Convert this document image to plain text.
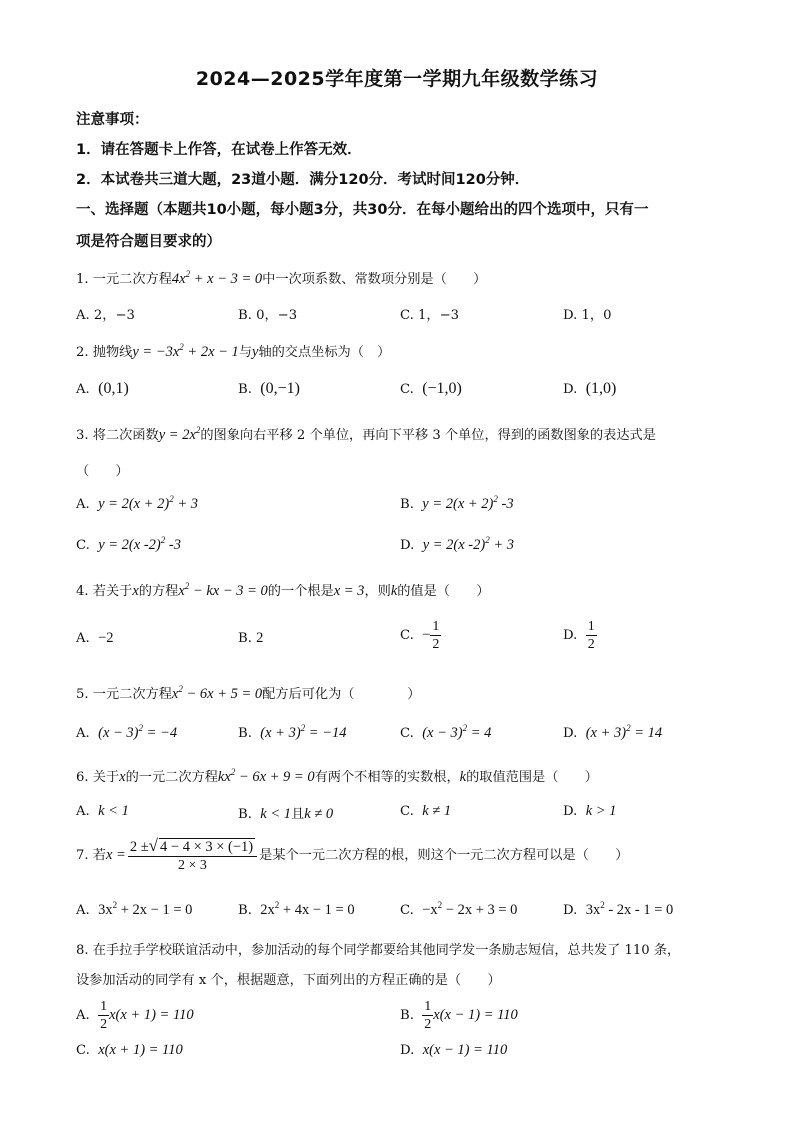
2024—2025学年度第一学期九年级数学练习
注意事项：
1．请在答题卡上作答，在试卷上作答无效．
2．本试卷共三道大题，23道小题．满分120分．考试时间120分钟．
一、选择题（本题共10小题，每小题3分，共30分．在每小题给出的四个选项中，只有一
项是符合题目要求的）
1. 一元二次方程$4x^2 + x - 3 = 0$中一次项系数、常数项分别是（　　）
A. 2，−3	B. 0，−3	C. 1，−3	D. 1，0
2. 抛物线$y = -3x^2 + 2x - 1$与y轴的交点坐标为（　）
A. (0,1)	B. (0,−1)	C. (−1,0)	D. (1,0)
3. 将二次函数$y = 2x^2$的图象向右平移 2 个单位，再向下平移 3 个单位，得到的函数图象的表达式是
（　　）
A. $y = 2(x + 2)^2 + 3$	B. $y = 2(x + 2)^2$ -3
C. y = 2(x -2)$^2$ -3	D. y = 2(x -2)$^2$ + 3
4. 若关于x的方程$x^2$ − kx − 3 = 0的一个根是x = 3，则k的值是（　　）
A. −2	B. 2	C. − $\frac{1}{2}$	D. $\frac{1}{2}$
5. 一元二次方程$x^2 - 6x + 5 = 0$配方后可化为（　　　　）
A. $(x - 3)^2 = -4$	B. $(x + 3)^2 = -14$	C. $(x - 3)^2 = 4$	D. $(x + 3)^2 = 14$
6. 关于x的一元二次方程$kx^2 - 6x + 9 = 0$有两个不相等的实数根，k的取值范围是（　　）
A. k < 1	B. k < 1且k ≠ 0	C. k ≠ 1	D. k > 1
7. 若$x = \frac{2 \pm√ 4 - 4 \times 3 \times (-1)}{2 \times 3}$ 是某个一元二次方程的根，则这个一元二次方程可以是（　　）
A. $3x^2 + 2x - 1 = 0$	B. $2x^2 + 4x - 1 = 0$	C. $-x^2 - 2x + 3 = 0$	D. $3x^2 - 2x - 1 = 0$
8. 在手拉手学校联谊活动中，参加活动的每个同学都要给其他同学发一条励志短信，总共发了 110 条，
设参加活动的同学有 x 个，根据题意，下面列出的方程正确的是（　　）
A. $\frac{1}{2} x(x + 1) = 110$	B. $\frac{1}{2} x(x - 1) = 110$
C. x(x + 1) = 110	D. x(x − 1) = 110
